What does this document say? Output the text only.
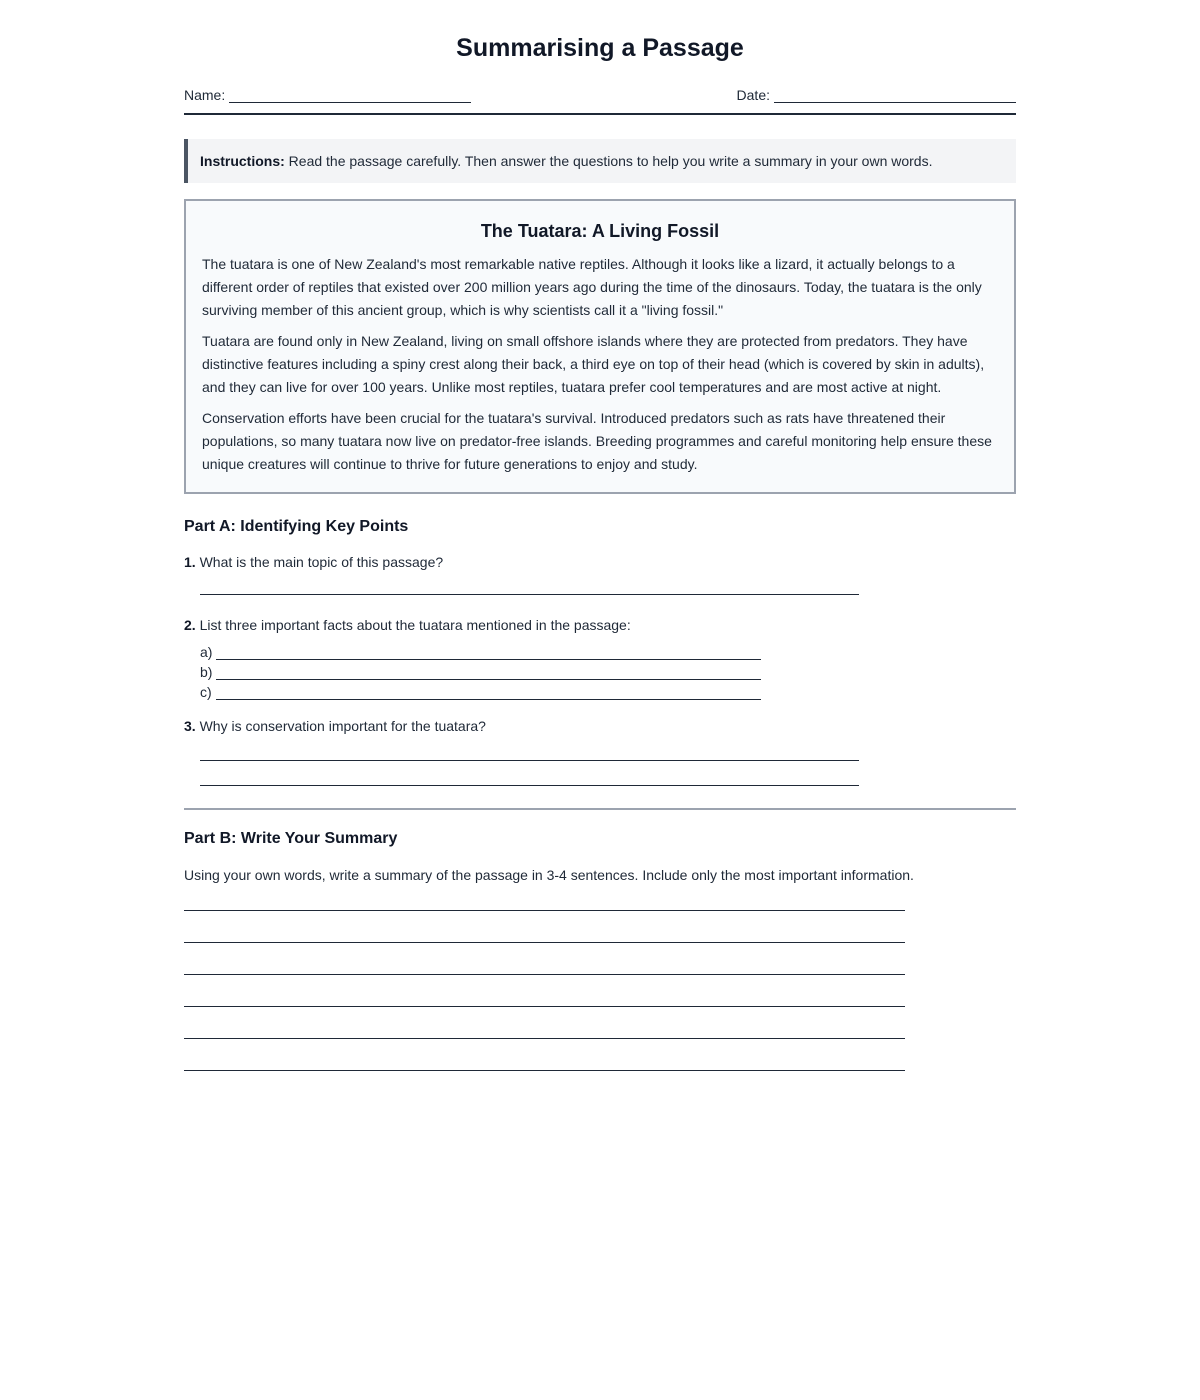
Summarising a Passage
Name:	Date:
Instructions: Read the passage carefully. Then answer the questions to help you write a summary in your own words.
The Tuatara: A Living Fossil

The tuatara is one of New Zealand's most remarkable native reptiles. Although it looks like a lizard, it actually belongs to a different order of reptiles that existed over 200 million years ago during the time of the dinosaurs. Today, the tuatara is the only surviving member of this ancient group, which is why scientists call it a "living fossil."

Tuatara are found only in New Zealand, living on small offshore islands where they are protected from predators. They have distinctive features including a spiny crest along their back, a third eye on top of their head (which is covered by skin in adults), and they can live for over 100 years. Unlike most reptiles, tuatara prefer cool temperatures and are most active at night.

Conservation efforts have been crucial for the tuatara's survival. Introduced predators such as rats have threatened their populations, so many tuatara now live on predator-free islands. Breeding programmes and careful monitoring help ensure these unique creatures will continue to thrive for future generations to enjoy and study.

Part A: Identifying Key Points
1. What is the main topic of this passage?
2. List three important facts about the tuatara mentioned in the passage:
a)
b)
c)
3. Why is conservation important for the tuatara?
Part B: Write Your Summary
Using your own words, write a summary of the passage in 3-4 sentences. Include only the most important information.
